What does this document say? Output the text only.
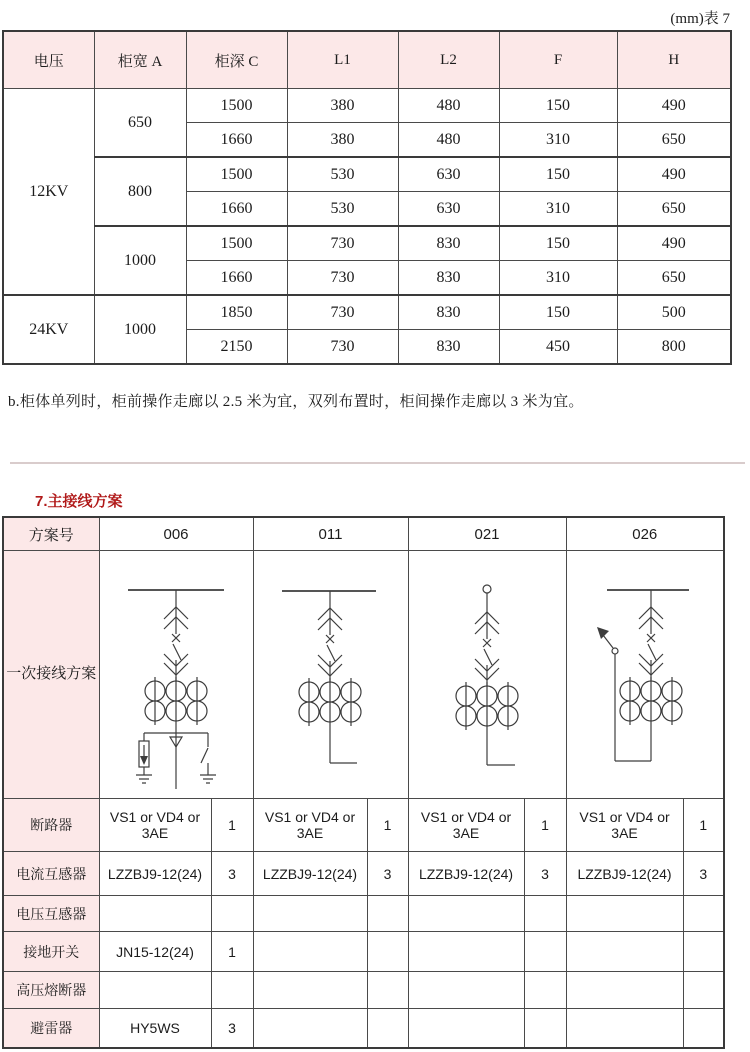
(mm)表 7
电压	柜宽 A	柜深 C	L1	L2	F	H
12KV	650	1500	380	480	150	490
		1660	380	480	310	650
	800	1500	530	630	150	490
		1660	530	630	310	650
	1000	1500	730	830	150	490
		1660	730	830	310	650
24KV	1000	1850	730	830	150	500
		2150	730	830	450	800
b.柜体单列时，柜前操作走廊以 2.5 米为宜，双列布置时，柜间操作走廊以 3 米为宜。
7.主接线方案
方案号	006		011		021		026	
一次接线方案	

断路器	VS1 or VD4 or 3AE	1	VS1 or VD4 or 3AE	1	VS1 or VD4 or 3AE	1	VS1 or VD4 or 3AE	1
电流互感器	LZZBJ9-12(24)	3	LZZBJ9-12(24)	3	LZZBJ9-12(24)	3	LZZBJ9-12(24)	3
电压互感器								
接地开关	JN15-12(24)	1						
高压熔断器								
避雷器	HY5WS	3						
